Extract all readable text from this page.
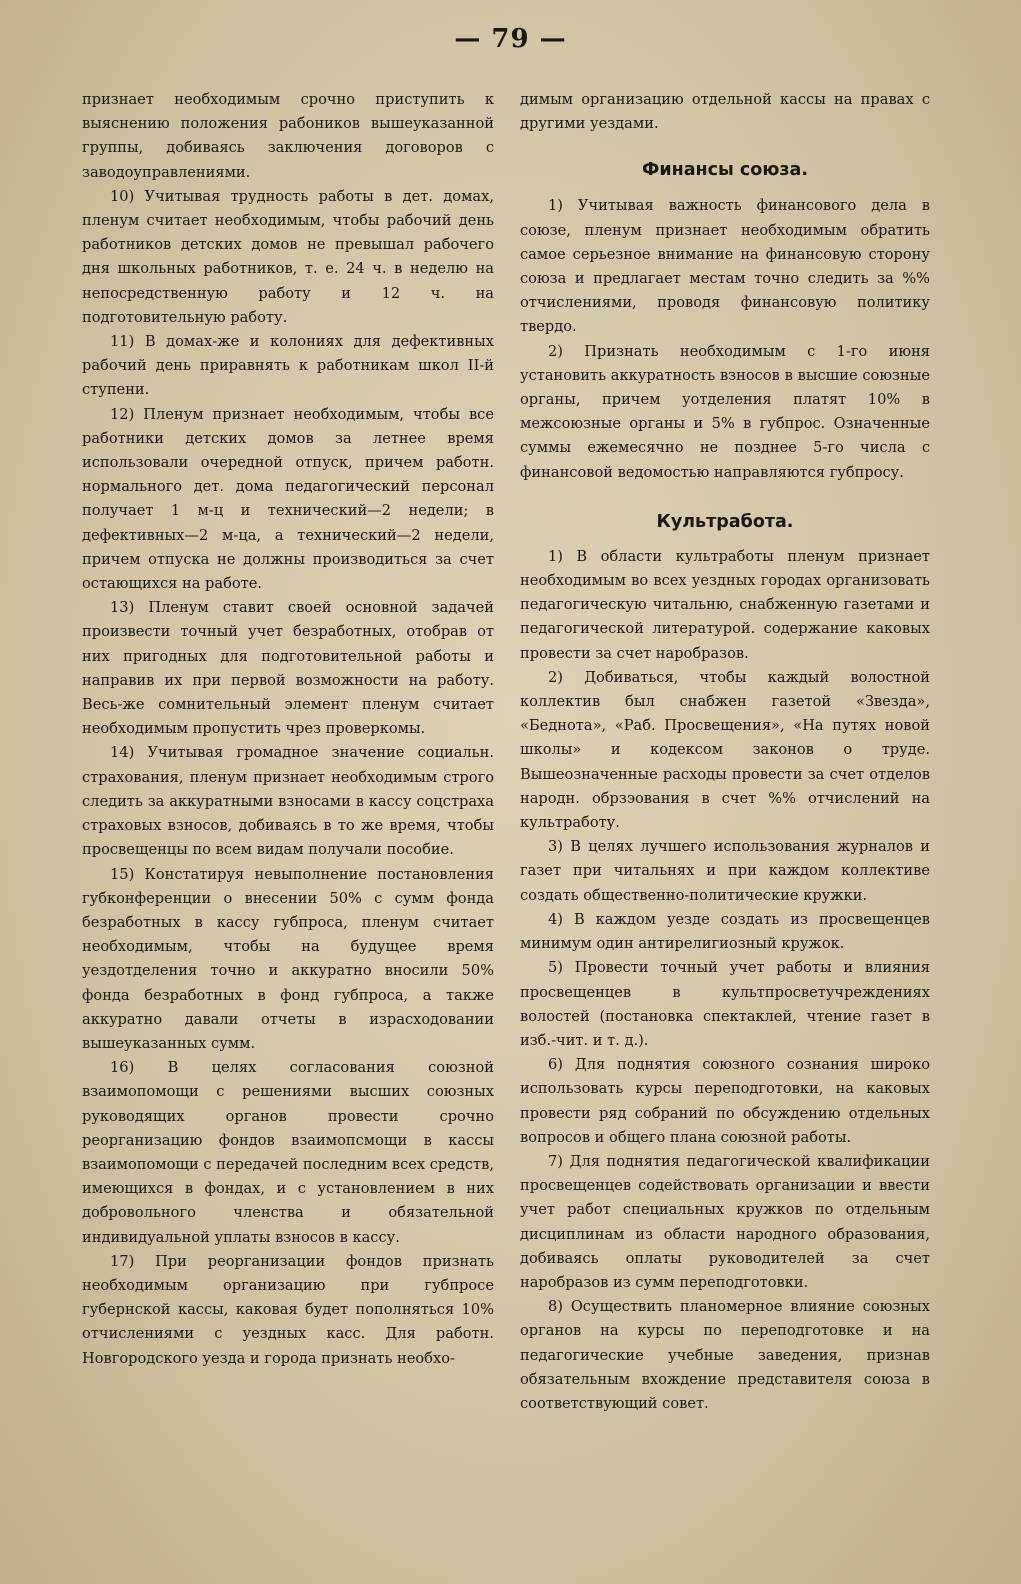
— 79 —

признает необходимым срочно приступить к выяснению положения рабоников вышеуказанной группы, добиваясь заключения договоров с заводоуправлениями.

10) Учитывая трудность работы в дет. домах, пленум считает необходимым, чтобы рабочий день работников детских домов не превышал рабочего дня школьных работников, т. е. 24 ч. в неделю на непосредственную работу и 12 ч. на подготовительную работу.

11) В домах-же и колониях для дефективных рабочий день приравнять к работникам школ II-й ступени.

12) Пленум признает необходимым, чтобы все работники детских домов за летнее время использовали очередной отпуск, причем работн. нормального дет. дома педагогический персонал получает 1 м-ц и технический—2 недели; в дефективных—2 м-ца, а технический—2 недели, причем отпуска не должны производиться за счет остающихся на работе.

13) Пленум ставит своей основной задачей произвести точный учет безработных, отобрав от них пригодных для подготовительной работы и направив их при первой возможности на работу. Весь-же сомнительный элемент пленум считает необходимым пропустить чрез проверкомы.

14) Учитывая громадное значение социальн. страхования, пленум признает необходимым строго следить за аккуратными взносами в кассу соцстраха страховых взносов, добиваясь в то же время, чтобы просвещенцы по всем видам получали пособие.

15) Констатируя невыполнение постановления губконференции о внесении 50% с сумм фонда безработных в кассу губпроса, пленум считает необходимым, чтобы на будущее время уездотделения точно и аккуратно вносили 50% фонда безработных в фонд губпроса, а также аккуратно давали отчеты в израсходовании вышеуказанных сумм.

16) В целях согласования союзной взаимопомощи с решениями высших союзных руководящих органов провести срочно реорганизацию фондов взаимопсмощи в кассы взаимопомощи с передачей последним всех средств, имеющихся в фондах, и с установлением в них добровольного членства и обязательной индивидуальной уплаты взносов в кассу.

17) При реорганизации фондов признать необходимым организацию при губпросе губернской кассы, каковая будет пополняться 10% отчислениями с уездных касс. Для работн. Новгородского уезда и города признать необхо-

димым организацию отдельной кассы на правах с другими уездами.

Финансы союза.

1) Учитывая важность финансового дела в союзе, пленум признает необходимым обратить самое серьезное внимание на финансовую сторону союза и предлагает местам точно следить за %% отчислениями, проводя финансовую политику твердо.

2) Признать необходимым с 1-го июня установить аккуратность взносов в высшие союзные органы, причем уотделения платят 10% в межсоюзные органы и 5% в губпрос. Означенные суммы ежемесячно не позднее 5-го числа с финансовой ведомостью направляются губпросу.

Культработа.

1) В области культработы пленум признает необходимым во всех уездных городах организовать педагогическую читальню, снабженную газетами и педагогической литературой. содержание каковых провести за счет наробразов.

2) Добиваться, чтобы каждый волостной коллектив был снабжен газетой «Звезда», «Беднота», «Раб. Просвещения», «На путях новой школы» и кодексом законов о труде. Вышеозначенные расходы провести за счет отделов народн. обрзэования в счет %% отчислений на культработу.

3) В целях лучшего использования журналов и газет при читальнях и при каждом коллективе создать общественно-политические кружки.

4) В каждом уезде создать из просвещенцев минимум один антирелигиозный кружок.

5) Провести точный учет работы и влияния просвещенцев в культпросветучреждениях волостей (постановка спектаклей, чтение газет в изб.-чит. и т. д.).

6) Для поднятия союзного сознания широко использовать курсы переподготовки, на каковых провести ряд собраний по обсуждению отдельных вопросов и общего плана союзной работы.

7) Для поднятия педагогической квалификации просвещенцев содействовать организации и ввести учет работ специальных кружков по отдельным дисциплинам из области народного образования, добиваясь оплаты руководителей за счет наробразов из сумм переподготовки.

8) Осуществить планомерное влияние союзных органов на курсы по переподготовке и на педагогические учебные заведения, признав обязательным вхождение представителя союза в соответствующий совет.
